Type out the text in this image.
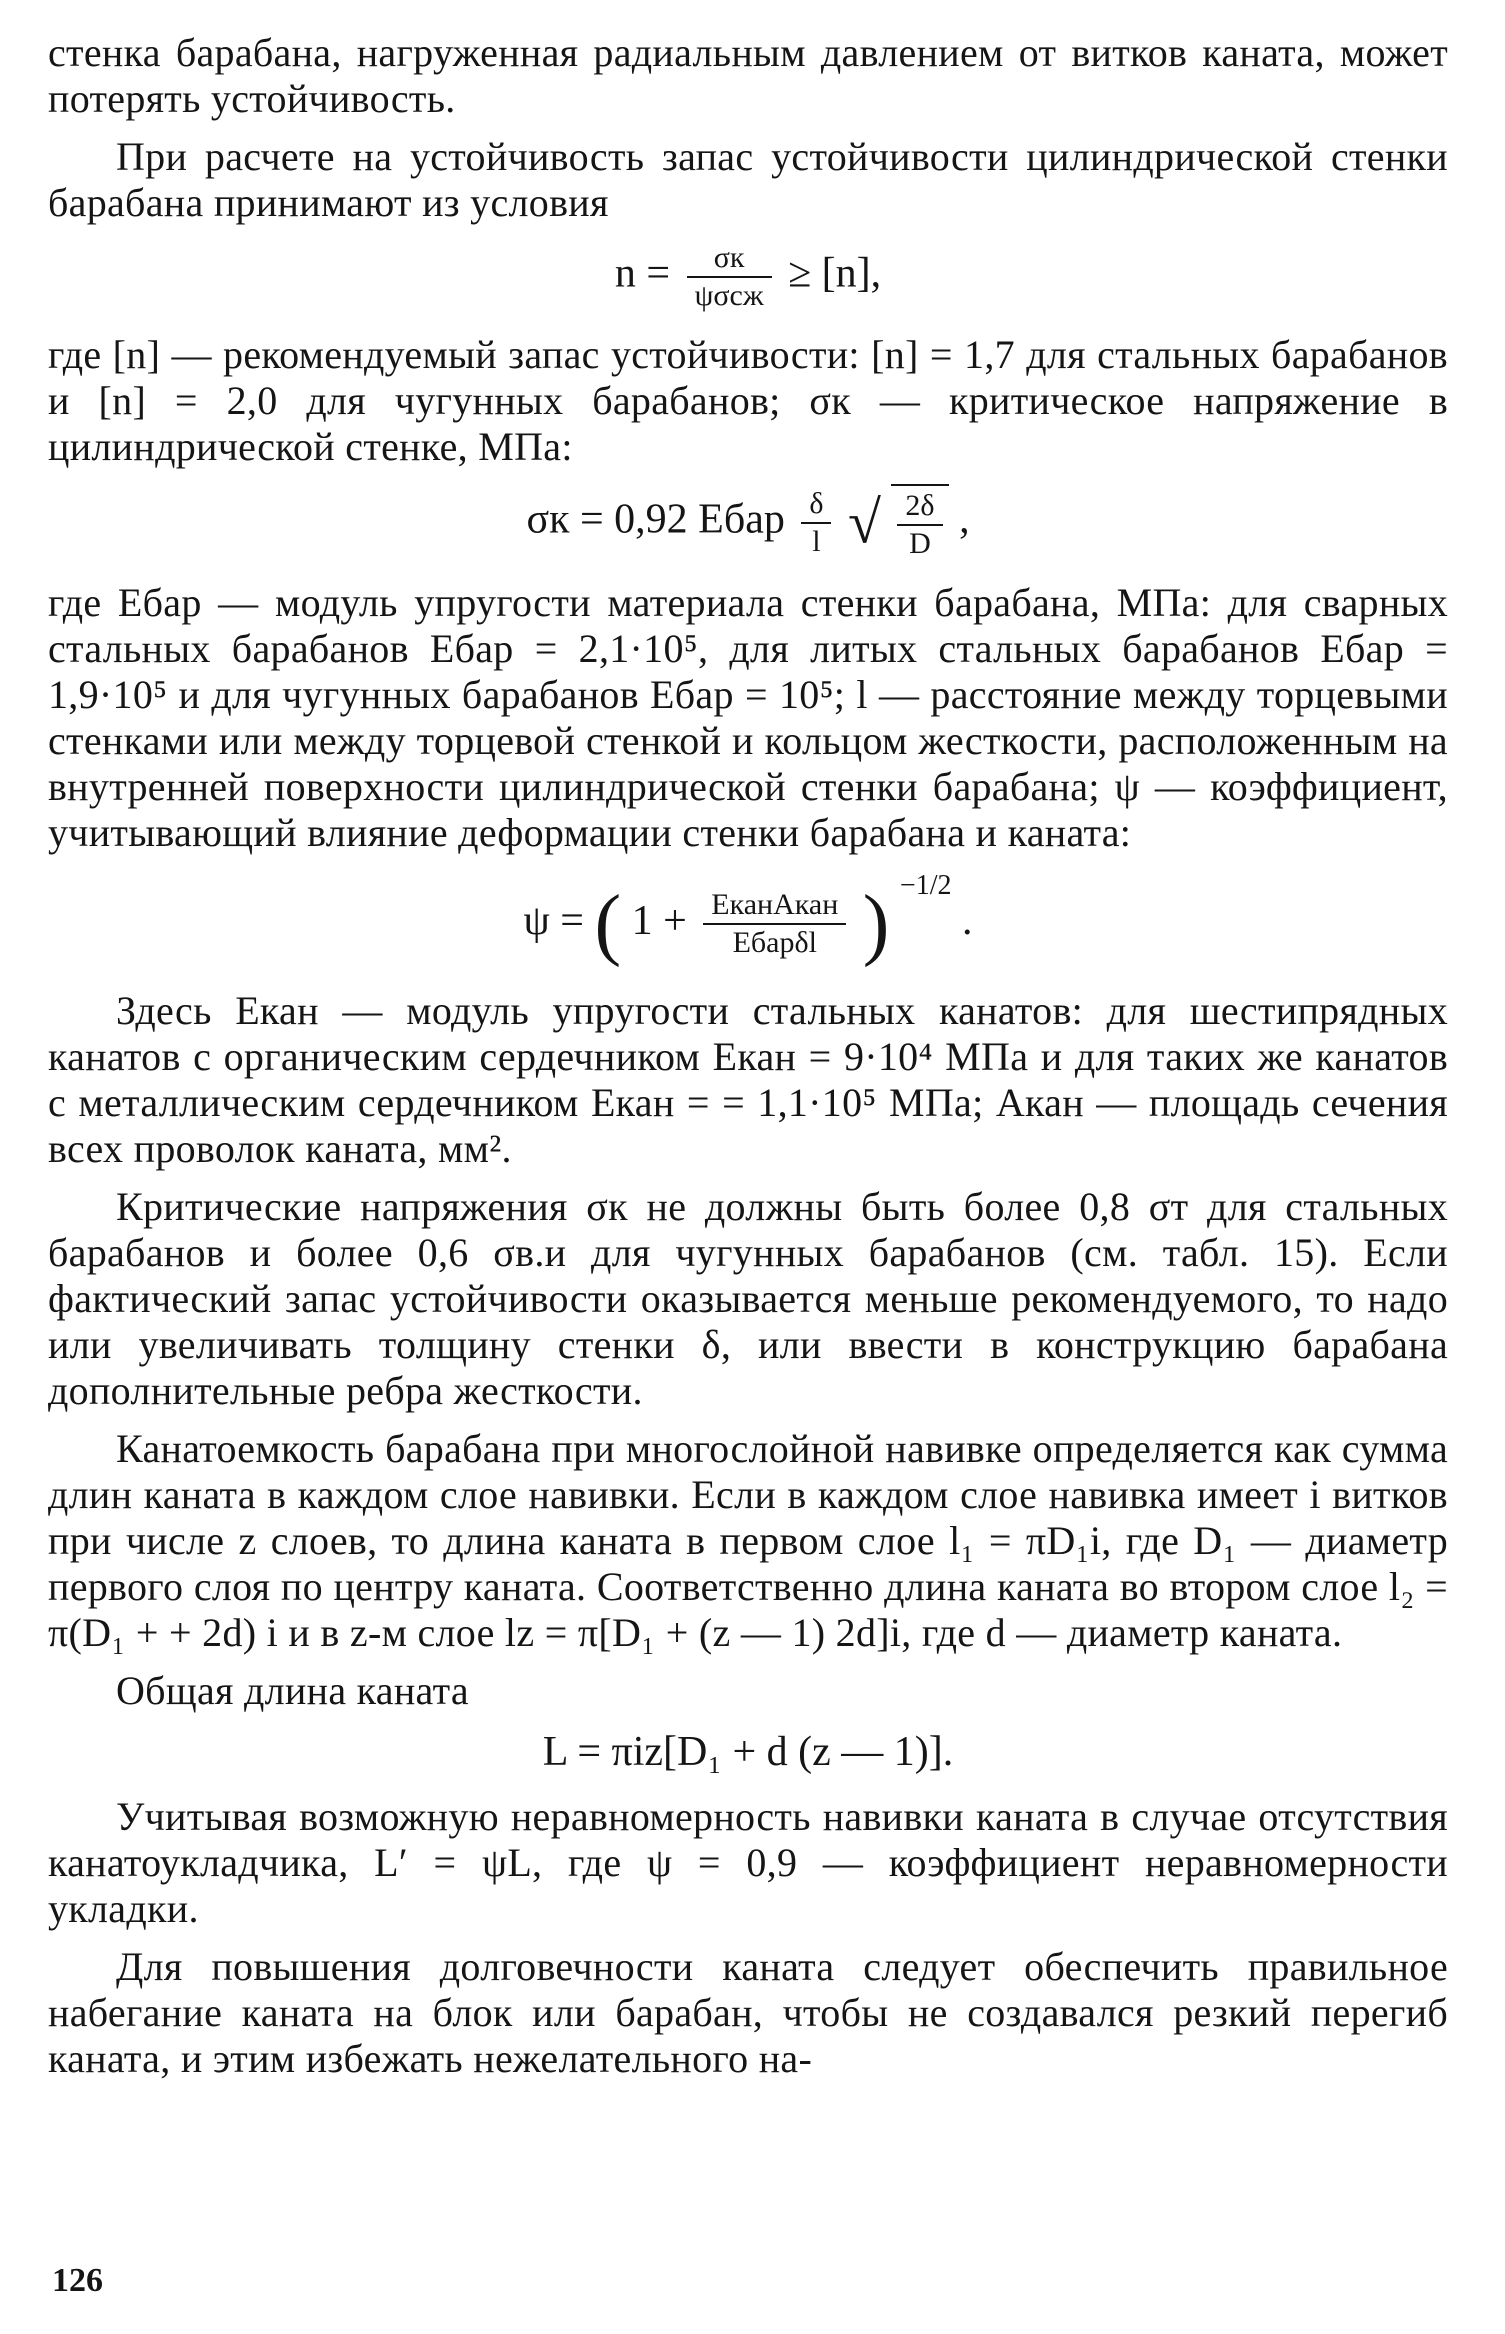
стенка барабана, нагруженная радиальным давлением от витков каната, может потерять устойчивость.

При расчете на устойчивость запас устойчивости цилиндрической стенки барабана принимают из условия

$n = \frac{\sigma к}{\text{ψσсж}} \ge [n]$,

где [n] — рекомендуемый запас устойчивости: [n] = 1,7 для стальных барабанов и [n] = 2,0 для чугунных барабанов; σк — критическое напряжение в цилиндрической стенке, МПа:

σк = 0,92 Eбар $\frac{\delta}{l}$ √ $\frac{2\delta}{D}$ ,

где Eбар — модуль упругости материала стенки барабана, МПа: для сварных стальных барабанов Eбар = 2,1·10⁵, для литых стальных барабанов Eбар = 1,9·10⁵ и для чугунных барабанов Eбар = 10⁵; l — расстояние между торцевыми стенками или между торцевой стенкой и кольцом жесткости, расположенным на внутренней поверхности цилиндрической стенки барабана; ψ — коэффициент, учитывающий влияние деформации стенки барабана и каната:

ψ = ( $1 + \frac{\text{EканAкан}}{\text{Eбарδl}}$ ) $^{-1/2}$ .

Здесь Eкан — модуль упругости стальных канатов: для шестипрядных канатов с органическим сердечником Eкан = 9·10⁴ МПа и для таких же канатов с металлическим сердечником Eкан = = 1,1·10⁵ МПа; Aкан — площадь сечения всех проволок каната, мм².

Критические напряжения σк не должны быть более 0,8 σт для стальных барабанов и более 0,6 σв.и для чугунных барабанов (см. табл. 15). Если фактический запас устойчивости оказывается меньше рекомендуемого, то надо или увеличивать толщину стенки δ, или ввести в конструкцию барабана дополнительные ребра жесткости.

Канатоемкость барабана при многослойной навивке определяется как сумма длин каната в каждом слое навивки. Если в каждом слое навивка имеет i витков при числе z слоев, то длина каната в первом слое l₁ = πD₁i, где D₁ — диаметр первого слоя по центру каната. Соответственно длина каната во втором слое l₂ = π(D₁ + + 2d) i и в z-м слое lz = π[D₁ + (z — 1) 2d]i, где d — диаметр каната.

Общая длина каната

L = πiz[D₁ + d (z — 1)].

Учитывая возможную неравномерность навивки каната в случае отсутствия канатоукладчика, L′ = ψL, где ψ = 0,9 — коэффициент неравномерности укладки.

Для повышения долговечности каната следует обеспечить правильное набегание каната на блок или барабан, чтобы не создавался резкий перегиб каната, и этим избежать нежелательного на-

126
